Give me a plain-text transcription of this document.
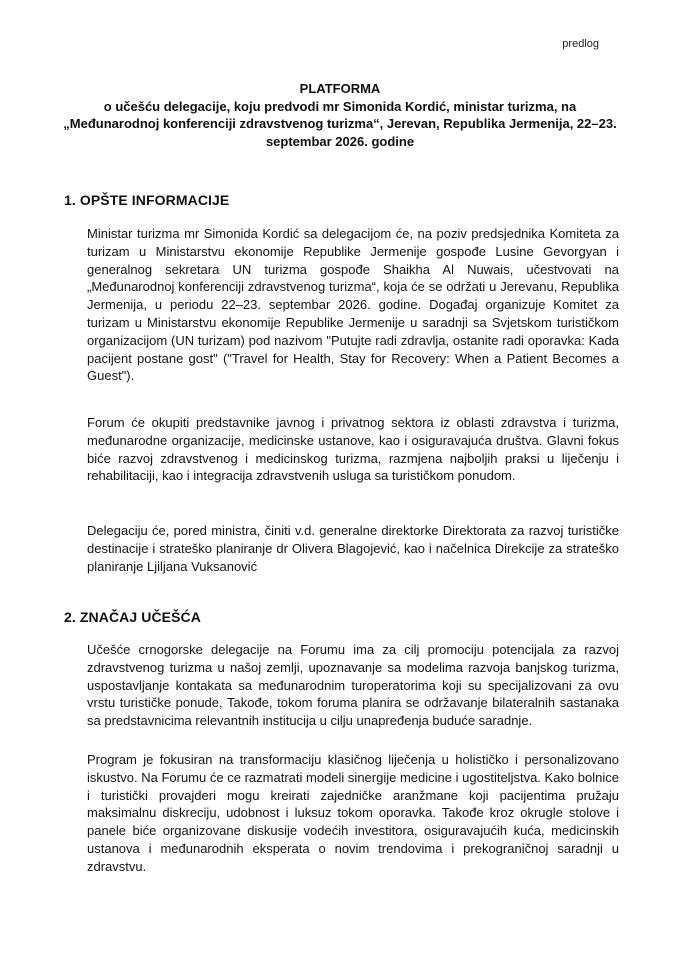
predlog
PLATFORMA
o učešću delegacije, koju predvodi mr Simonida Kordić, ministar turizma, na „Međunarodnoj konferenciji zdravstvenog turizma“, Jerevan, Republika Jermenija, 22–23. septembar 2026. godine
1. OPŠTE INFORMACIJE

Ministar turizma mr Simonida Kordić sa delegacijom će, na poziv predsjednika Komiteta za turizam u Ministarstvu ekonomije Republike Jermenije gospođe Lusine Gevorgyan i generalnog sekretara UN turizma gospođe Shaikha Al Nuwais, učestvovati na „Međunarodnoj konferenciji zdravstvenog turizma“, koja će se održati u Jerevanu, Republika Jermenija, u periodu 22–23. septembar 2026. godine. Događaj organizuje Komitet za turizam u Ministarstvu ekonomije Republike Jermenije u saradnji sa Svjetskom turističkom organizacijom (UN turizam) pod nazivom "Putujte radi zdravlja, ostanite radi oporavka: Kada pacijent postane gost" ("Travel for Health, Stay for Recovery: When a Patient Becomes a Guest").

Forum će okupiti predstavnike javnog i privatnog sektora iz oblasti zdravstva i turizma, međunarodne organizacije, medicinske ustanove, kao i osiguravajuća društva. Glavni fokus biće razvoj zdravstvenog i medicinskog turizma, razmjena najboljih praksi u liječenju i rehabilitaciji, kao i integracija zdravstvenih usluga sa turističkom ponudom.

Delegaciju će, pored ministra, činiti v.d. generalne direktorke Direktorata za razvoj turističke destinacije i strateško planiranje dr Olivera Blagojević, kao i načelnica Direkcije za strateško planiranje Ljiljana Vuksanović

2. ZNAČAJ UČEŠĆA

Učešće crnogorske delegacije na Forumu ima za cilj promociju potencijala za razvoj zdravstvenog turizma u našoj zemlji, upoznavanje sa modelima razvoja banjskog turizma, uspostavljanje kontakata sa međunarodnim turoperatorima koji su specijalizovani za ovu vrstu turističke ponude, Takođe, tokom foruma planira se održavanje bilateralnih sastanaka sa predstavnicima relevantnih institucija u cilju unapređenja buduće saradnje.

Program je fokusiran na transformaciju klasičnog liječenja u holističko i personalizovano iskustvo. Na Forumu će ce razmatrati modeli sinergije medicine i ugostiteljstva. Kako bolnice i turistički provajderi mogu kreirati zajedničke aranžmane koji pacijentima pružaju maksimalnu diskreciju, udobnost i luksuz tokom oporavka. Takođe kroz okrugle stolove i panele biće organizovane diskusije vodećih investitora, osiguravajućih kuća, medicinskih ustanova i međunarodnih eksperata o novim trendovima i prekograničnoj saradnji u zdravstvu.
